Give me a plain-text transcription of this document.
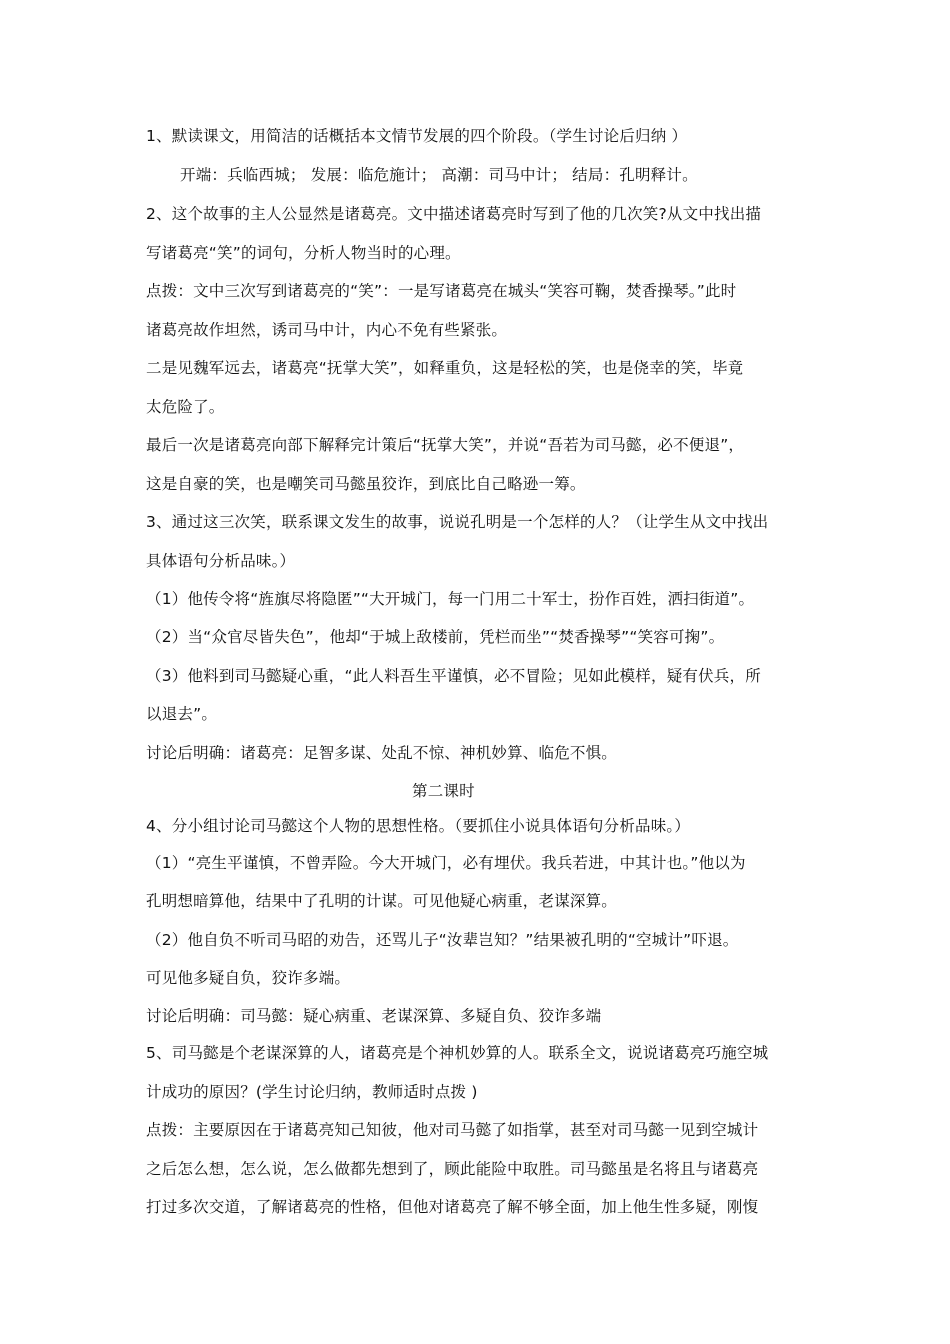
1、默读课文，用简洁的话概括本文情节发展的四个阶段。（学生讨论后归纳 ）
开端：兵临西城； 发展：临危施计； 高潮：司马中计； 结局：孔明释计。
2、这个故事的主人公显然是诸葛亮。文中描述诸葛亮时写到了他的几次笑?从文中找出描
写诸葛亮“笑”的词句，分析人物当时的心理。
点拨：文中三次写到诸葛亮的“笑”：一是写诸葛亮在城头“笑容可鞠，焚香操琴。”此时
诸葛亮故作坦然，诱司马中计，内心不免有些紧张。
二是见魏军远去，诸葛亮“抚掌大笑”，如释重负，这是轻松的笑，也是侥幸的笑，毕竟
太危险了。
最后一次是诸葛亮向部下解释完计策后“抚掌大笑”，并说“吾若为司马懿，必不便退”，
这是自豪的笑，也是嘲笑司马懿虽狡诈，到底比自己略逊一筹。
3、通过这三次笑，联系课文发生的故事，说说孔明是一个怎样的人？（让学生从文中找出
具体语句分析品味。）
（1）他传令将“旌旗尽将隐匿”“大开城门，每一门用二十军士，扮作百姓，洒扫街道”。
（2）当“众官尽皆失色”，他却“于城上敌楼前，凭栏而坐”“焚香操琴”“笑容可掬”。
（3）他料到司马懿疑心重，“此人料吾生平谨慎，必不冒险；见如此模样，疑有伏兵，所
以退去”。
讨论后明确：诸葛亮：足智多谋、处乱不惊、神机妙算、临危不惧。
第二课时
4、分小组讨论司马懿这个人物的思想性格。（要抓住小说具体语句分析品味。）
（1）“亮生平谨慎，不曾弄险。今大开城门，必有埋伏。我兵若进，中其计也。”他以为
孔明想暗算他，结果中了孔明的计谋。可见他疑心病重，老谋深算。
（2）他自负不听司马昭的劝告，还骂儿子“汝辈岂知？”结果被孔明的“空城计”吓退。
可见他多疑自负，狡诈多端。
讨论后明确：司马懿：疑心病重、老谋深算、多疑自负、狡诈多端
5、司马懿是个老谋深算的人，诸葛亮是个神机妙算的人。联系全文，说说诸葛亮巧施空城
计成功的原因？(学生讨论归纳，教师适时点拨 )
点拨：主要原因在于诸葛亮知己知彼，他对司马懿了如指掌，甚至对司马懿一见到空城计
之后怎么想，怎么说，怎么做都先想到了，顾此能险中取胜。司马懿虽是名将且与诸葛亮
打过多次交道，了解诸葛亮的性格，但他对诸葛亮了解不够全面，加上他生性多疑，刚愎
